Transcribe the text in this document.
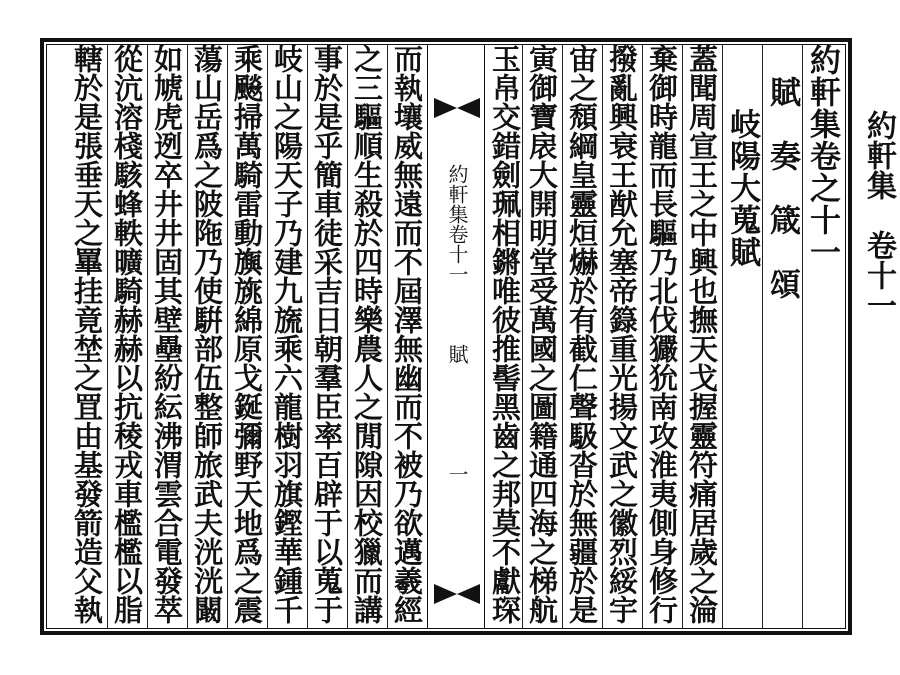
約軒集　卷十一
約軒集卷之十一
　賦　奏　箴　頌
　　岐陽大蒐賦
蓋聞周宣王之中興也撫天戈握靈符痛居歲之淪
棄御時龍而長驅乃北伐玁狁南攻淮夷側身修行
撥亂興衰王猷允塞帝籙重光揚文武之徽烈綏宇
宙之頹綱皇靈烜爀於有截仁聲馺沓於無疆於是
寅御寶扆大開明堂受萬國之圖籍通四海之梯航
玉帛交錯劍珮相鏘唯彼推髻黑齒之邦莫不獻琛
約軒集卷十一
賦
一
而執壤威無遠而不屆澤無幽而不被乃欲邁羲經
之三驅順生殺於四時樂農人之閒隙因校獵而講
事於是乎簡車徒采吉日朝羣臣率百辟于以蒐于
岐山之陽天子乃建九旒乘六龍樹羽旗鏗華鍾千
乘飈掃萬騎雷動旟旐綿原戈鋋彌野天地爲之震
蕩山岳爲之陂陁乃使騈部伍整師旅武夫洸洸闞
如虓虎迾卒井井固其壁壘紛紜沸渭雲合電發萃
從沆溶棧駭蜂軼曠騎赫赫以抗稜戎車檻檻以脂
轄於是張垂天之罼挂竟埜之罝由基發箭造父執
